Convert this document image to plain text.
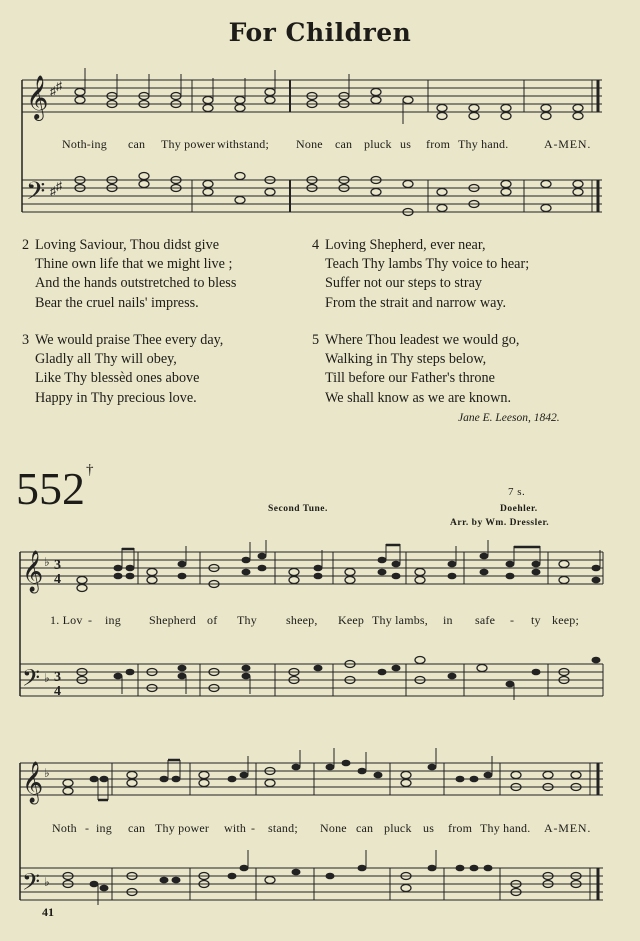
For Children
𝄞
𝄢
♯ ♯
♯ ♯
Noth-ing can Thy power withstand; None can pluck us from Thy hand.	A-MEN.
2 Loving Saviour, Thou didst give
Thine own life that we might live ;
And the hands outstretched to bless
Bear the cruel nails' impress.
3 We would praise Thee every day,
Gladly all Thy will obey,
Like Thy blessèd ones above
Happy in Thy precious love.
4 Loving Shepherd, ever near,
Teach Thy lambs Thy voice to hear;
Suffer not our steps to stray
From the strait and narrow way.
5 Where Thou leadest we would go,
Walking in Thy steps below,
Till before our Father's throne
We shall know as we are known.
Jane E. Leeson, 1842.
552 †
Second Tune.
7 s.
Doehler.
Arr. by Wm. Dressler.
𝄞
𝄢
♭
♭
3
4
3
4
1. Lov - ing Shepherd of Thy sheep, Keep Thy lambs, in safe - ty keep;
𝄞
𝄢
♭
♭
Noth - ing can Thy power with - stand; None can pluck us from Thy hand. A-MEN.
41
